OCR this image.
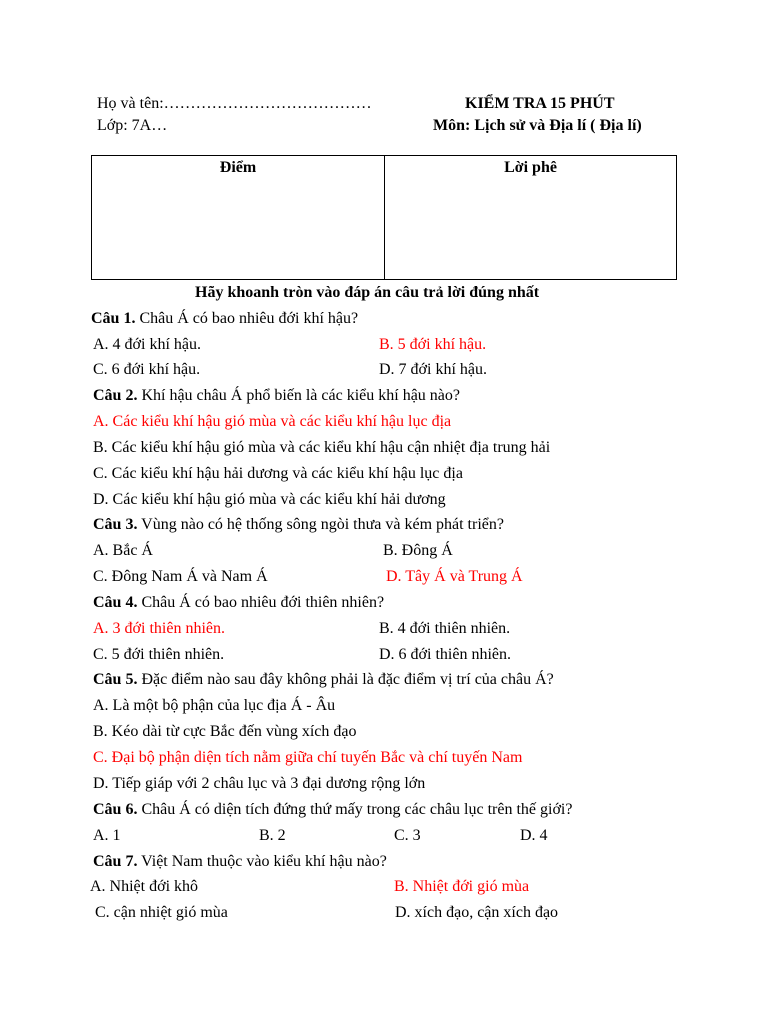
Họ và tên:…………………………………
Lớp: 7A…
KIỂM TRA 15 PHÚT
Môn: Lịch sử và Địa lí ( Địa lí)
Điểm	Lời phê
Hãy khoanh tròn vào đáp án câu trả lời đúng nhất
Câu 1. Châu Á có bao nhiêu đới khí hậu?
A. 4 đới khí hậu.	B. 5 đới khí hậu.
C. 6 đới khí hậu.	D. 7 đới khí hậu.
Câu 2. Khí hậu châu Á phổ biến là các kiểu khí hậu nào?
A. Các kiểu khí hậu gió mùa và các kiểu khí hậu lục địa
B. Các kiểu khí hậu gió mùa và các kiểu khí hậu cận nhiệt địa trung hải
C. Các kiểu khí hậu hải dương và các kiểu khí hậu lục địa
D. Các kiểu khí hậu gió mùa và các kiểu khí hải dương
Câu 3. Vùng nào có hệ thống sông ngòi thưa và kém phát triển?
A. Bắc Á	B. Đông Á
C. Đông Nam Á và Nam Á	D. Tây Á và Trung Á
Câu 4. Châu Á có bao nhiêu đới thiên nhiên?
A. 3 đới thiên nhiên.	B. 4 đới thiên nhiên.
C. 5 đới thiên nhiên.	D. 6 đới thiên nhiên.
Câu 5. Đặc điểm nào sau đây không phải là đặc điểm vị trí của châu Á?
A. Là một bộ phận của lục địa Á - Âu
B. Kéo dài từ cực Bắc đến vùng xích đạo
C. Đại bộ phận diện tích nằm giữa chí tuyến Bắc và chí tuyến Nam
D. Tiếp giáp với 2 châu lục và 3 đại dương rộng lớn
Câu 6. Châu Á có diện tích đứng thứ mấy trong các châu lục trên thế giới?
A. 1	B. 2	C. 3	D. 4
Câu 7. Việt Nam thuộc vào kiểu khí hậu nào?
A. Nhiệt đới khô	B. Nhiệt đới gió mùa
C. cận nhiệt gió mùa	D. xích đạo, cận xích đạo
